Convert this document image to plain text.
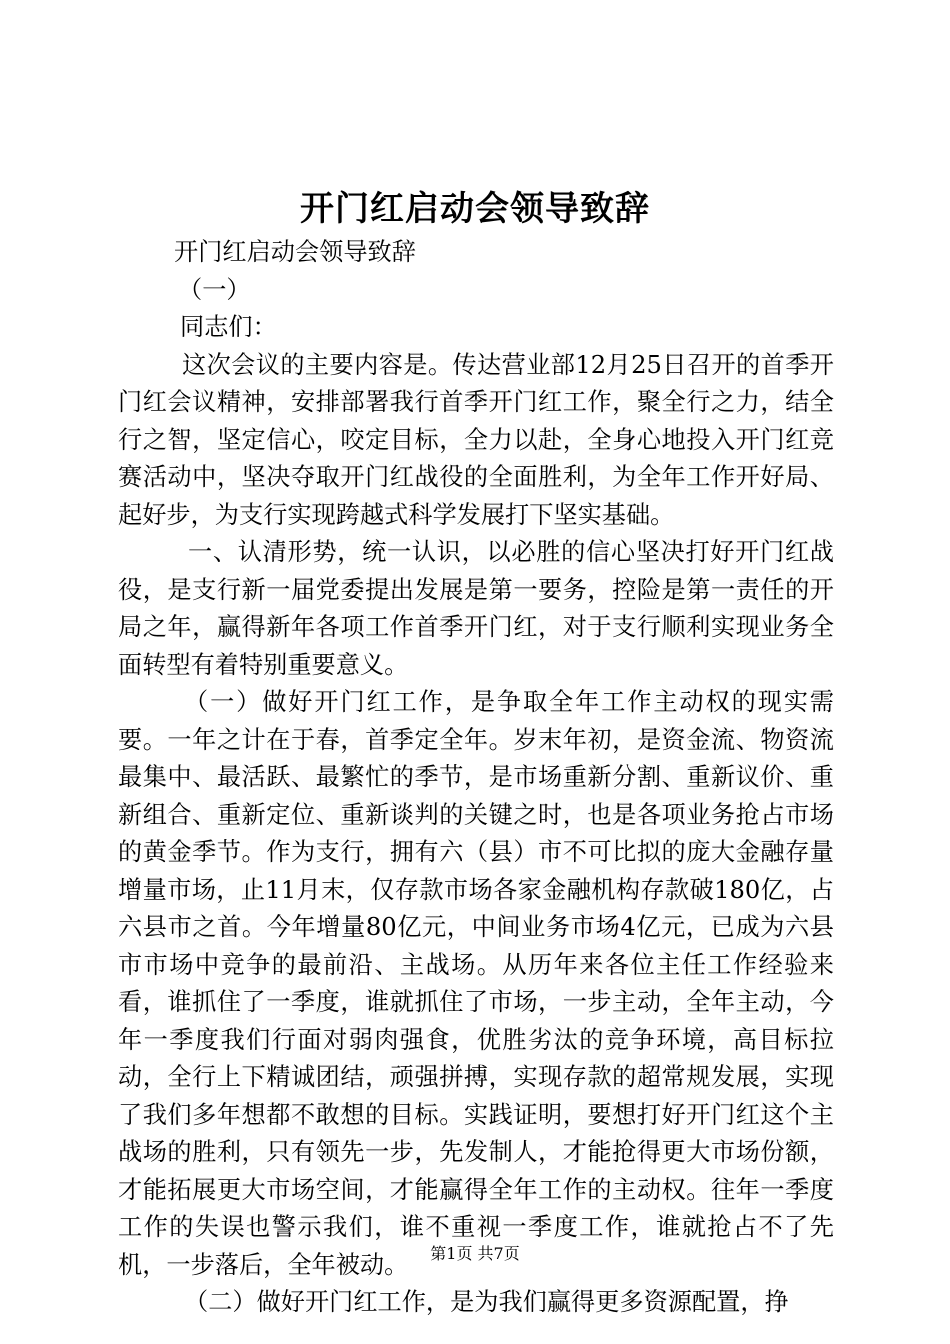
开门红启动会领导致辞

开门红启动会领导致辞

（一）

同志们：

这次会议的主要内容是。传达营业部12月25日召开的首季开门红会议精神，安排部署我行首季开门红工作，聚全行之力，结全行之智，坚定信心，咬定目标，全力以赴，全身心地投入开门红竞赛活动中，坚决夺取开门红战役的全面胜利，为全年工作开好局、起好步，为支行实现跨越式科学发展打下坚实基础。

一、认清形势，统一认识，以必胜的信心坚决打好开门红战役，是支行新一届党委提出发展是第一要务，控险是第一责任的开局之年，赢得新年各项工作首季开门红，对于支行顺利实现业务全面转型有着特别重要意义。

（一）做好开门红工作，是争取全年工作主动权的现实需要。一年之计在于春，首季定全年。岁末年初，是资金流、物资流最集中、最活跃、最繁忙的季节，是市场重新分割、重新议价、重新组合、重新定位、重新谈判的关键之时，也是各项业务抢占市场的黄金季节。作为支行，拥有六（县）市不可比拟的庞大金融存量增量市场，止11月末，仅存款市场各家金融机构存款破180亿，占六县市之首。今年增量80亿元，中间业务市场4亿元，已成为六县市市场中竞争的最前沿、主战场。从历年来各位主任工作经验来看，谁抓住了一季度，谁就抓住了市场，一步主动，全年主动，今年一季度我们行面对弱肉强食，优胜劣汰的竞争环境，高目标拉动，全行上下精诚团结，顽强拼搏，实现存款的超常规发展，实现了我们多年想都不敢想的目标。实践证明，要想打好开门红这个主战场的胜利，只有领先一步，先发制人，才能抢得更大市场份额，才能拓展更大市场空间，才能赢得全年工作的主动权。往年一季度工作的失误也警示我们，谁不重视一季度工作，谁就抢占不了先机，一步落后，全年被动。

（二）做好开门红工作，是为我们赢得更多资源配置，挣

第1页 共7页
